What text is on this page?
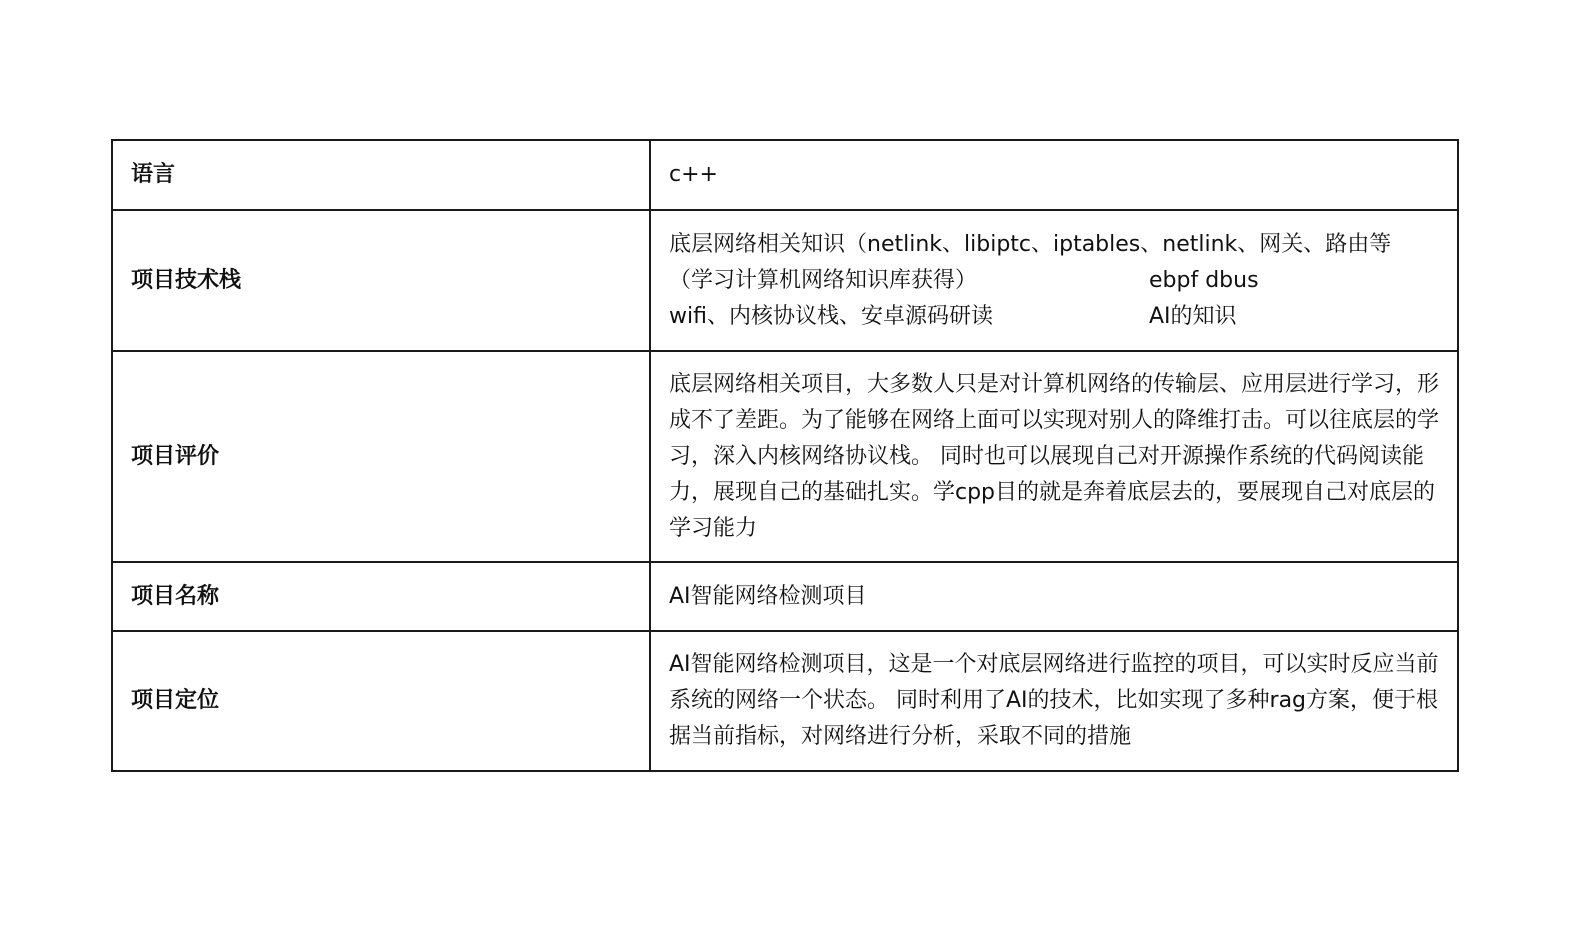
语言	c++
项目技术栈	底层网络相关知识（netlink、libiptc、iptables、netlink、网关、路由等
（学习计算机网络知识库获得） ebpf dbus
wifi、内核协议栈、安卓源码研读 AI的知识

项目评价	底层网络相关项目，大多数人只是对计算机网络的传输层、应用层进行学习，形成不了差距。为了能够在网络上面可以实现对别人的降维打击。可以往底层的学习，深入内核网络协议栈。 同时也可以展现自己对开源操作系统的代码阅读能力，展现自己的基础扎实。学cpp目的就是奔着底层去的，要展现自己对底层的学习能力

项目名称	AI智能网络检测项目
项目定位	AI智能网络检测项目，这是一个对底层网络进行监控的项目，可以实时反应当前系统的网络一个状态。 同时利用了AI的技术，比如实现了多种rag方案，便于根据当前指标，对网络进行分析，采取不同的措施
